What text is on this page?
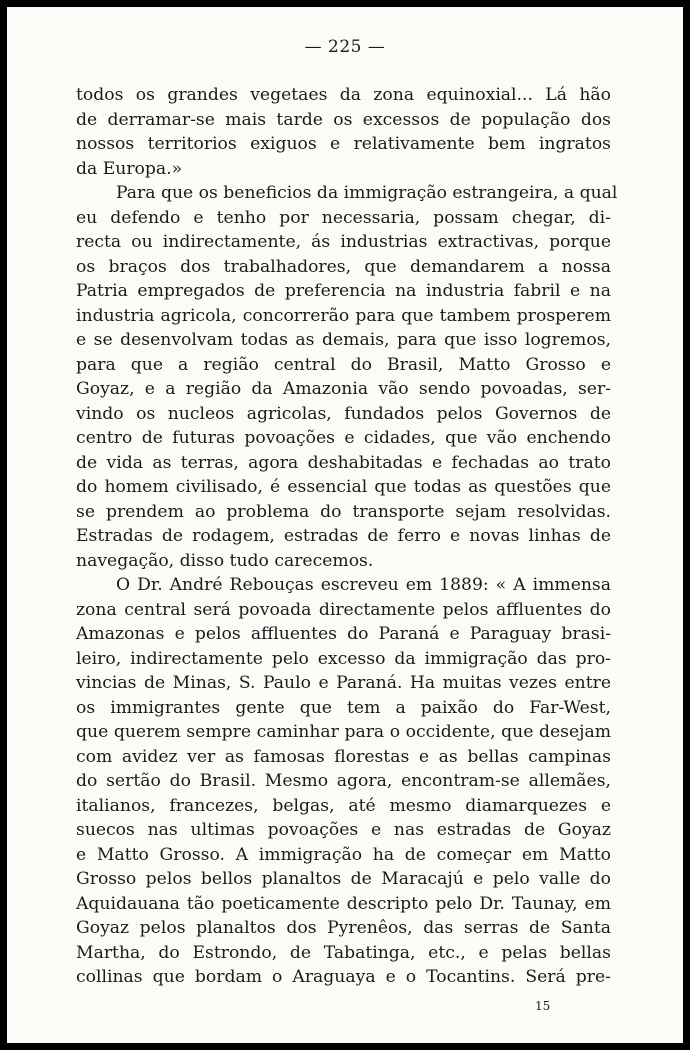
— 225 —
todos os grandes vegetaes da zona equinoxial... Lá hão
de derramar-se mais tarde os excessos de população dos
nossos territorios exiguos e relativamente bem ingratos
da Europa.»
Para que os beneficios da immigração estrangeira, a qual
eu defendo e tenho por necessaria, possam chegar, di-
recta ou indirectamente, ás industrias extractivas, porque
os braços dos trabalhadores, que demandarem a nossa
Patria empregados de preferencia na industria fabril e na
industria agricola, concorrerão para que tambem prosperem
e se desenvolvam todas as demais, para que isso logremos,
para que a região central do Brasil, Matto Grosso e
Goyaz, e a região da Amazonia vão sendo povoadas, ser-
vindo os nucleos agricolas, fundados pelos Governos de
centro de futuras povoações e cidades, que vão enchendo
de vida as terras, agora deshabitadas e fechadas ao trato
do homem civilisado, é essencial que todas as questões que
se prendem ao problema do transporte sejam resolvidas.
Estradas de rodagem, estradas de ferro e novas linhas de
navegação, disso tudo carecemos.
O Dr. André Rebouças escreveu em 1889: « A immensa
zona central será povoada directamente pelos affluentes do
Amazonas e pelos affluentes do Paraná e Paraguay brasi-
leiro, indirectamente pelo excesso da immigração das pro-
vincias de Minas, S. Paulo e Paraná. Ha muitas vezes entre
os immigrantes gente que tem a paixão do Far-West,
que querem sempre caminhar para o occidente, que desejam
com avidez ver as famosas florestas e as bellas campinas
do sertão do Brasil. Mesmo agora, encontram-se allemães,
italianos, francezes, belgas, até mesmo diamarquezes e
suecos nas ultimas povoações e nas estradas de Goyaz
e Matto Grosso. A immigração ha de começar em Matto
Grosso pelos bellos planaltos de Maracajú e pelo valle do
Aquidauana tão poeticamente descripto pelo Dr. Taunay, em
Goyaz pelos planaltos dos Pyrenêos, das serras de Santa
Martha, do Estrondo, de Tabatinga, etc., e pelas bellas
collinas que bordam o Araguaya e o Tocantins. Será pre-
15
